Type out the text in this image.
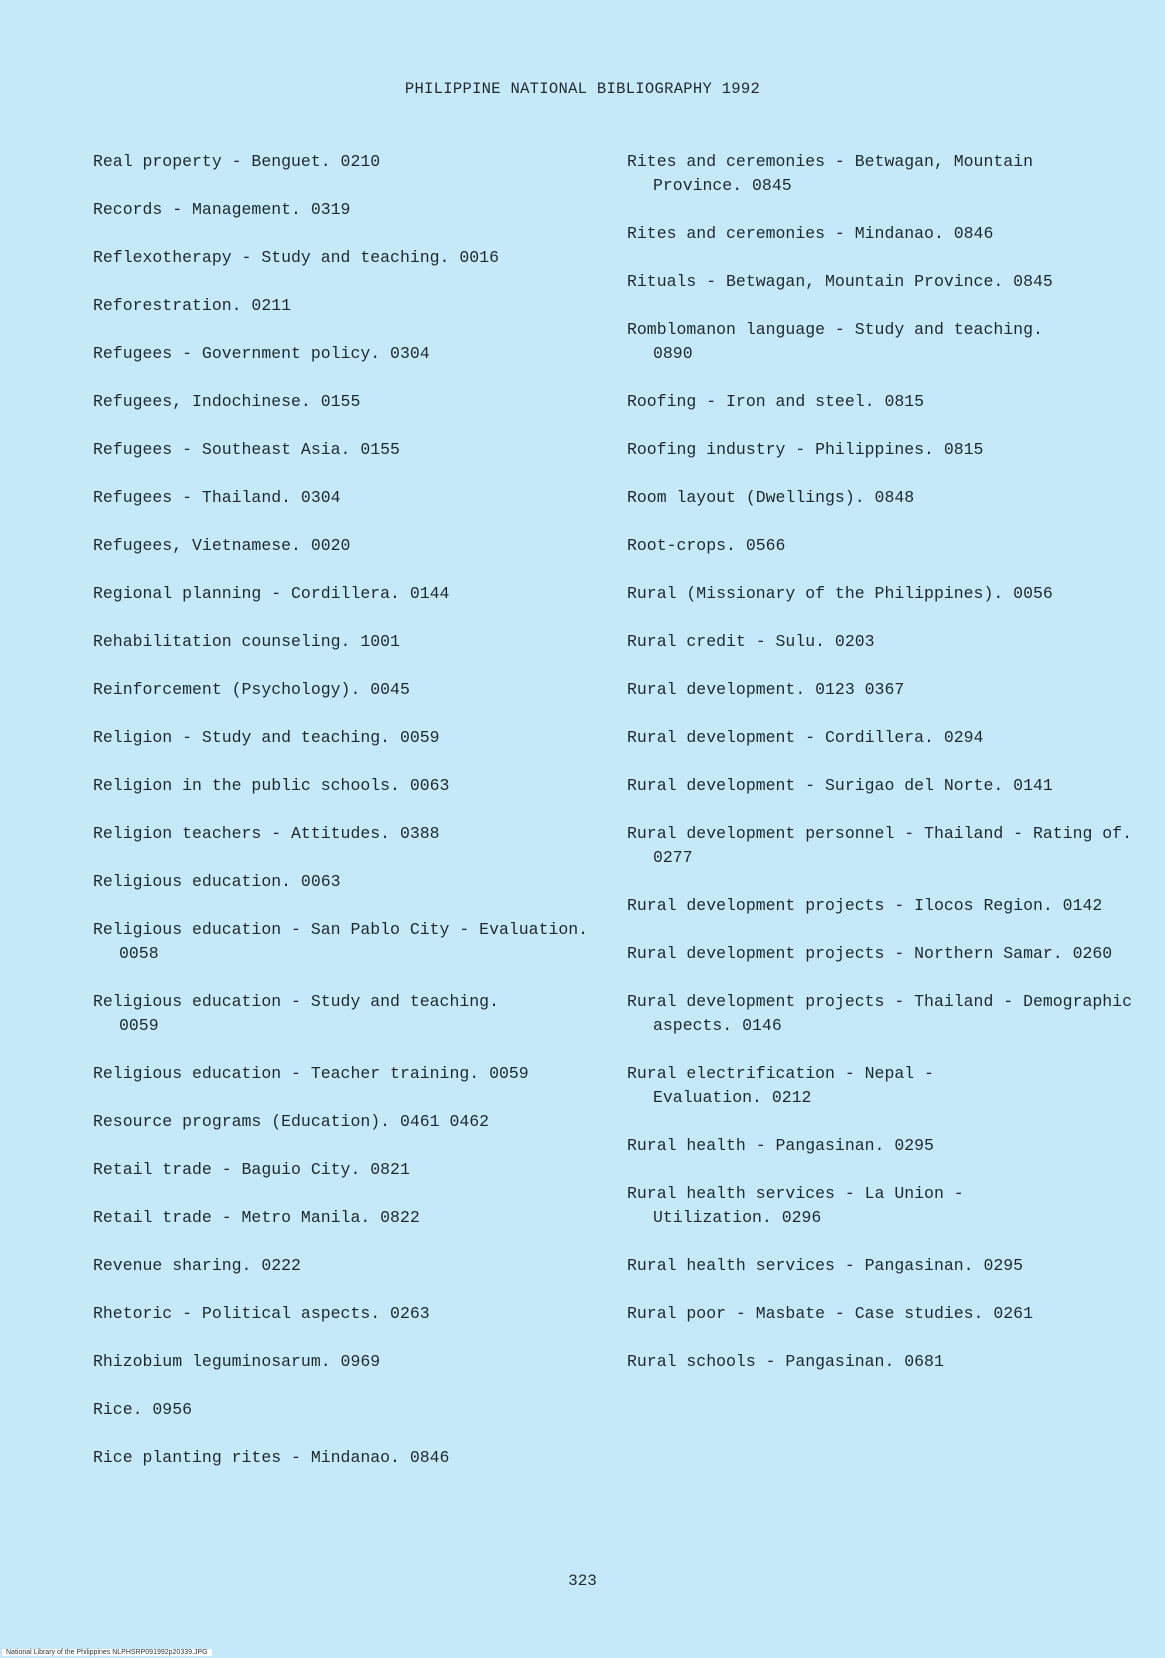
PHILIPPINE NATIONAL BIBLIOGRAPHY 1992
Real property - Benguet. 0210
Records - Management. 0319
Reflexotherapy - Study and teaching. 0016
Reforestration. 0211
Refugees - Government policy. 0304
Refugees, Indochinese. 0155
Refugees - Southeast Asia. 0155
Refugees - Thailand. 0304
Refugees, Vietnamese. 0020
Regional planning - Cordillera. 0144
Rehabilitation counseling. 1001
Reinforcement (Psychology). 0045
Religion - Study and teaching. 0059
Religion in the public schools. 0063
Religion teachers - Attitudes. 0388
Religious education. 0063
Religious education - San Pablo City - Evaluation. 0058
Religious education - Study and teaching. 0059
Religious education - Teacher training. 0059
Resource programs (Education). 0461 0462
Retail trade - Baguio City. 0821
Retail trade - Metro Manila. 0822
Revenue sharing. 0222
Rhetoric - Political aspects. 0263
Rhizobium leguminosarum. 0969
Rice. 0956
Rice planting rites - Mindanao. 0846
Rites and ceremonies - Betwagan, Mountain Province. 0845
Rites and ceremonies - Mindanao. 0846
Rituals - Betwagan, Mountain Province. 0845
Romblomanon language - Study and teaching. 0890
Roofing - Iron and steel. 0815
Roofing industry - Philippines. 0815
Room layout (Dwellings). 0848
Root-crops. 0566
Rural (Missionary of the Philippines). 0056
Rural credit - Sulu. 0203
Rural development. 0123 0367
Rural development - Cordillera. 0294
Rural development - Surigao del Norte. 0141
Rural development personnel - Thailand - Rating of. 0277
Rural development projects - Ilocos Region. 0142
Rural development projects - Northern Samar. 0260
Rural development projects - Thailand - Demographic aspects. 0146
Rural electrification - Nepal - Evaluation. 0212
Rural health - Pangasinan. 0295
Rural health services - La Union - Utilization. 0296
Rural health services - Pangasinan. 0295
Rural poor - Masbate - Case studies. 0261
Rural schools - Pangasinan. 0681
323
National Library of the Philippines NLPHSRP091992p20339.JPG
